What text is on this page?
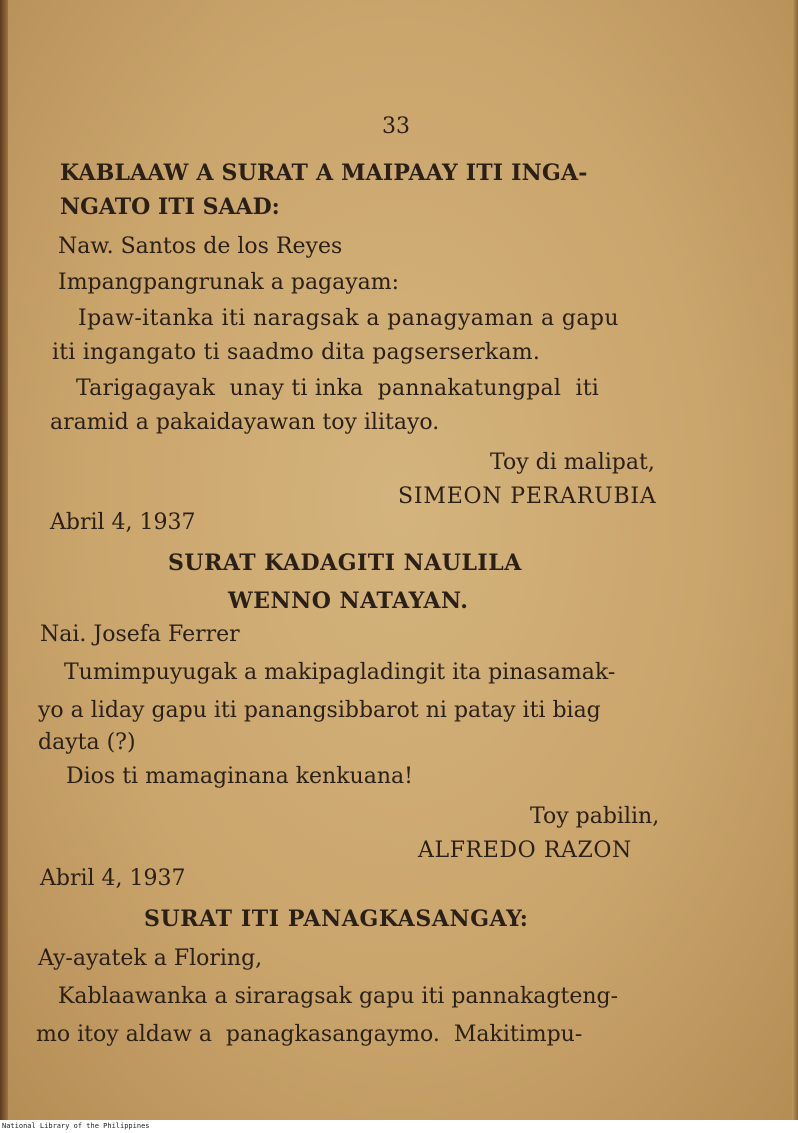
33
KABLAAW A SURAT A MAIPAAY ITI INGA-
NGATO ITI SAAD:
Naw. Santos de los Reyes
Impangpangrunak a pagayam:
Ipaw-itanka iti naragsak a panagyaman a gapu
iti ingangato ti saadmo dita pagserserkam.
Tarigagayak  unay ti inka  pannakatungpal  iti
aramid a pakaidayawan toy ilitayo.
Toy di malipat,
SIMEON PERARUBIA
Abril 4, 1937
SURAT KADAGITI NAULILA
WENNO NATAYAN.
Nai. Josefa Ferrer
Tumimpuyugak a makipagladingit ita pinasamak-
yo a liday gapu iti panangsibbarot ni patay iti biag
dayta (?)
Dios ti mamaginana kenkuana!
Toy pabilin,
ALFREDO RAZON
Abril 4, 1937
SURAT ITI PANAGKASANGAY:
Ay-ayatek a Floring,
Kablaawanka a siraragsak gapu iti pannakagteng-
mo itoy aldaw a  panagkasangaymo.  Makitimpu-
National Library of the Philippines
